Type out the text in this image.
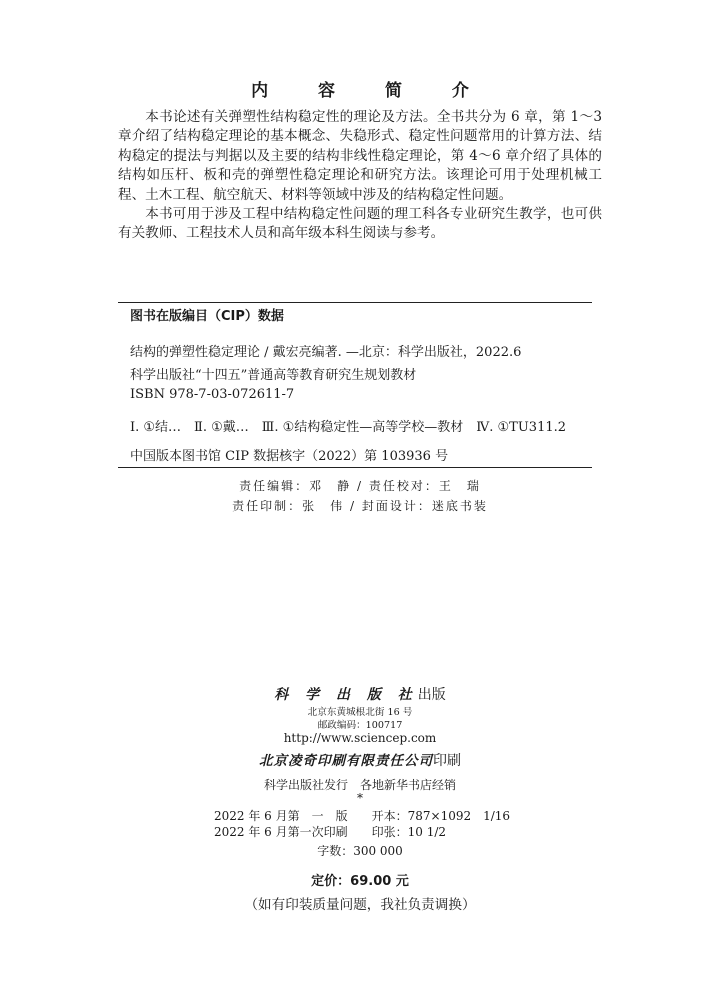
内 容 简 介

本书论述有关弹塑性结构稳定性的理论及方法。全书共分为 6 章，第 1～3 章介绍了结构稳定理论的基本概念、失稳形式、稳定性问题常用的计算方法、结构稳定的提法与判据以及主要的结构非线性稳定理论，第 4～6 章介绍了具体的结构如压杆、板和壳的弹塑性稳定理论和研究方法。该理论可用于处理机械工程、土木工程、航空航天、材料等领域中涉及的结构稳定性问题。

本书可用于涉及工程中结构稳定性问题的理工科各专业研究生教学，也可供有关教师、工程技术人员和高年级本科生阅读与参考。

图书在版编目（CIP）数据
结构的弹塑性稳定理论 / 戴宏亮编著. —北京：科学出版社，2022.6
科学出版社“十四五”普通高等教育研究生规划教材
ISBN 978-7-03-072611-7
Ⅰ. ①结…　Ⅱ. ①戴…　Ⅲ. ①结构稳定性—高等学校—教材　Ⅳ. ①TU311.2
中国版本图书馆 CIP 数据核字（2022）第 103936 号
责任编辑：邓　静 / 责任校对：王　瑞
责任印制：张　伟 / 封面设计：迷底书装
科 学 出 版 社出版
北京东黄城根北街 16 号
邮政编码：100717
http://www.sciencep.com
北京凌奇印刷有限责任公司印刷
科学出版社发行　各地新华书店经销
*
2022 年 6 月第　一　版　　开本：787×1092　1/16
2022 年 6 月第一次印刷　　印张：10 1/2
字数：300 000
定价：69.00 元
（如有印装质量问题，我社负责调换）
